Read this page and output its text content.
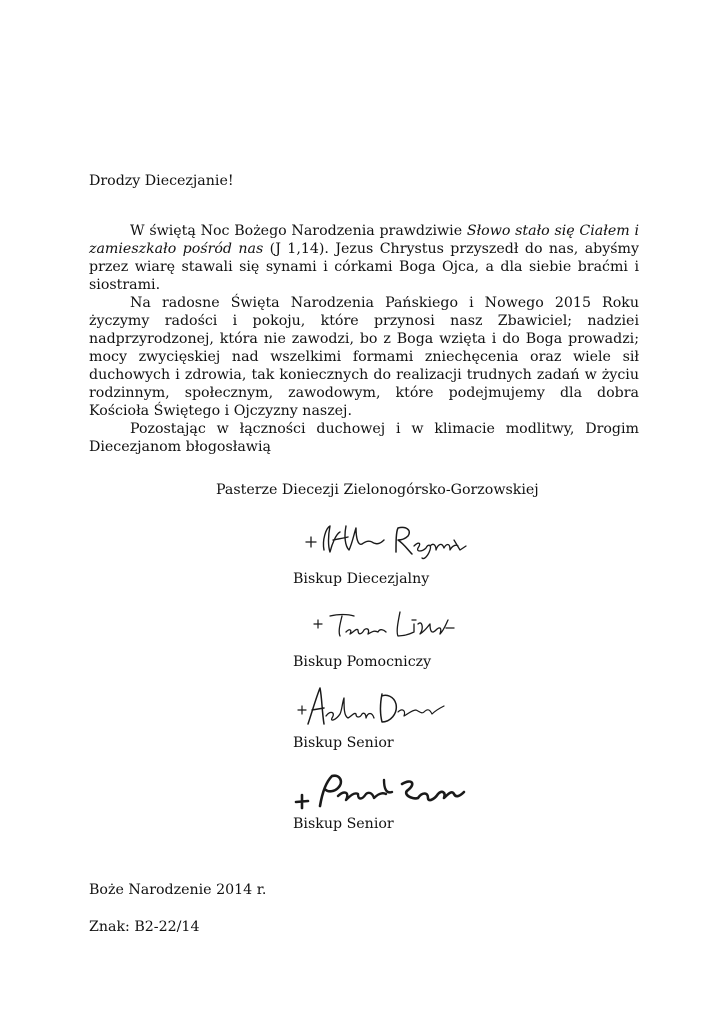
Drodzy Diecezjanie!

W świętą Noc Bożego Narodzenia prawdziwie Słowo stało się Ciałem i zamieszkało pośród nas (J 1,14). Jezus Chrystus przyszedł do nas, abyśmy przez wiarę stawali się synami i córkami Boga Ojca, a dla siebie braćmi i siostrami.

Na radosne Święta Narodzenia Pańskiego i Nowego 2015 Roku życzymy radości i pokoju, które przynosi nasz Zbawiciel; nadziei nadprzyrodzonej, która nie zawodzi, bo z Boga wzięta i do Boga prowadzi; mocy zwycięskiej nad wszelkimi formami zniechęcenia oraz wiele sił duchowych i zdrowia, tak koniecznych do realizacji trudnych zadań w życiu rodzinnym, społecznym, zawodowym, które podejmujemy dla dobra Kościoła Świętego i Ojczyzny naszej.

Pozostając w łączności duchowej i w klimacie modlitwy, Drogim Diecezjanom błogosławią

Pasterze Diecezji Zielonogórsko-Gorzowskiej
Biskup Diecezjalny
Biskup Pomocniczy
Biskup Senior
Biskup Senior
Boże Narodzenie 2014 r.
Znak: B2-22/14
